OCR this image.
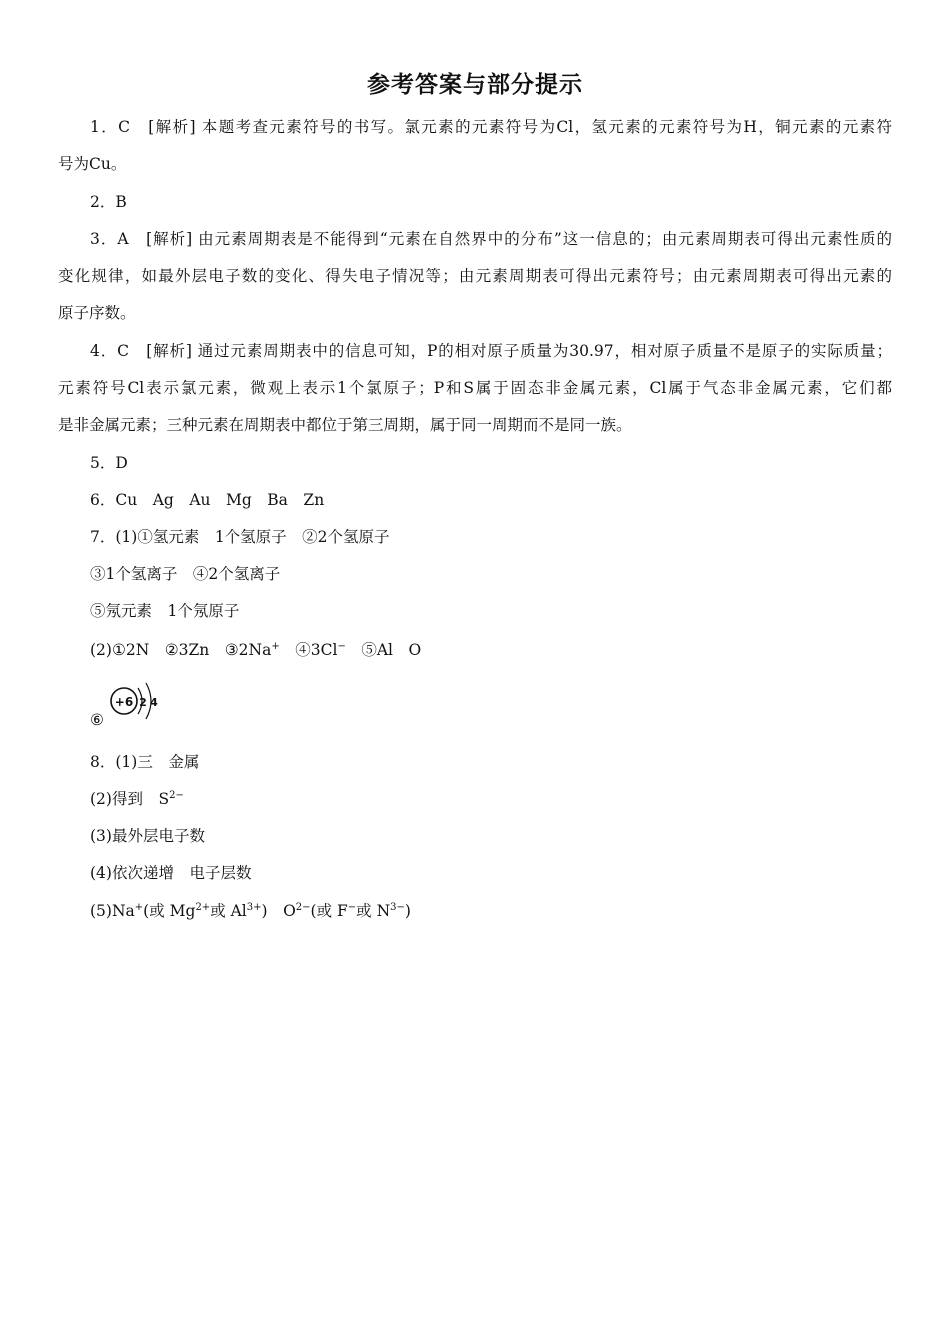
参考答案与部分提示
1．C　[解析] 本题考查元素符号的书写。氯元素的元素符号为Cl，氢元素的元素符号为H，铜元素的元素符
号为Cu。
2．B
3．A　[解析] 由元素周期表是不能得到“元素在自然界中的分布”这一信息的；由元素周期表可得出元素性质的
变化规律，如最外层电子数的变化、得失电子情况等；由元素周期表可得出元素符号；由元素周期表可得出元素的
原子序数。
4．C　[解析] 通过元素周期表中的信息可知，P的相对原子质量为30.97，相对原子质量不是原子的实际质量；
元素符号Cl表示氯元素，微观上表示1个氯原子；P和S属于固态非金属元素，Cl属于气态非金属元素，它们都
是非金属元素；三种元素在周期表中都位于第三周期，属于同一周期而不是同一族。
5．D
6．Cu　Ag　Au　Mg　Ba　Zn
7．(1)①氢元素　1个氢原子　②2个氢原子
③1个氢离子　④2个氢离子
⑤氖元素　1个氖原子
(2)①2N　②3Zn　③2Na+　④3Cl−　⑤Al　O
+6 2 4
⑥
8．(1)三　金属
(2)得到　$S^{2-}$
(3)最外层电子数
(4)依次递增　电子层数
(5)Na+(或 $Mg^{2+}$或 $Al^{3+}$)　$O^{2-}$(或 F−或 $N^{3-}$)
